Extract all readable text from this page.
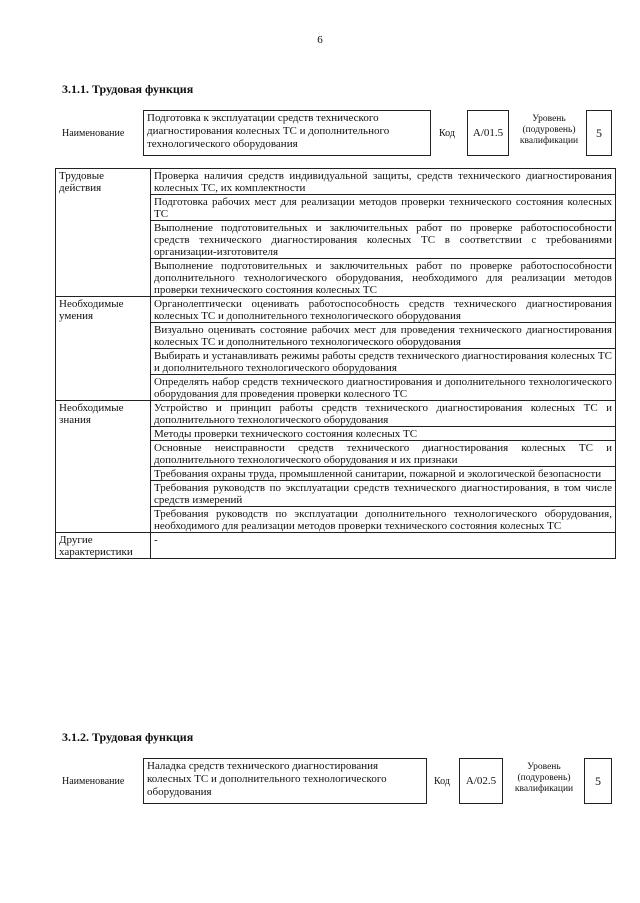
6
3.1.1. Трудовая функция
Наименование
Подготовка к эксплуатации средств технического диагностирования колесных ТС и дополнительного технологического оборудования
Код	A/01.5
Уровень (подуровень) квалификации
5
Трудовые действия	Проверка наличия средств индивидуальной защиты, средств технического диагностирования колесных ТС, их комплектности
	Подготовка рабочих мест для реализации методов проверки технического состояния колесных ТС
	Выполнение подготовительных и заключительных работ по проверке работоспособности средств технического диагностирования колесных ТС в соответствии с требованиями организации-изготовителя
	Выполнение подготовительных и заключительных работ по проверке работоспособности дополнительного технологического оборудования, необходимого для реализации методов проверки технического состояния колесных ТС
Необходимые умения	Органолептически оценивать работоспособность средств технического диагностирования колесных ТС и дополнительного технологического оборудования
	Визуально оценивать состояние рабочих мест для проведения технического диагностирования колесных ТС и дополнительного технологического оборудования
	Выбирать и устанавливать режимы работы средств технического диагностирования колесных ТС и дополнительного технологического оборудования
	Определять набор средств технического диагностирования и дополнительного технологического оборудования для проведения проверки колесного ТС
Необходимые знания	Устройство и принцип работы средств технического диагностирования колесных ТС и дополнительного технологического оборудования
	Методы проверки технического состояния колесных ТС
	Основные неисправности средств технического диагностирования колесных ТС и дополнительного технологического оборудования и их признаки
	Требования охраны труда, промышленной санитарии, пожарной и экологической безопасности
	Требования руководств по эксплуатации средств технического диагностирования, в том числе средств измерений
	Требования руководств по эксплуатации дополнительного технологического оборудования, необходимого для реализации методов проверки технического состояния колесных ТС
Другие характеристики	-
3.1.2. Трудовая функция
Наименование
Наладка средств технического диагностирования колесных ТС и дополнительного технологического оборудования
Код	A/02.5
Уровень (подуровень) квалификации
5
